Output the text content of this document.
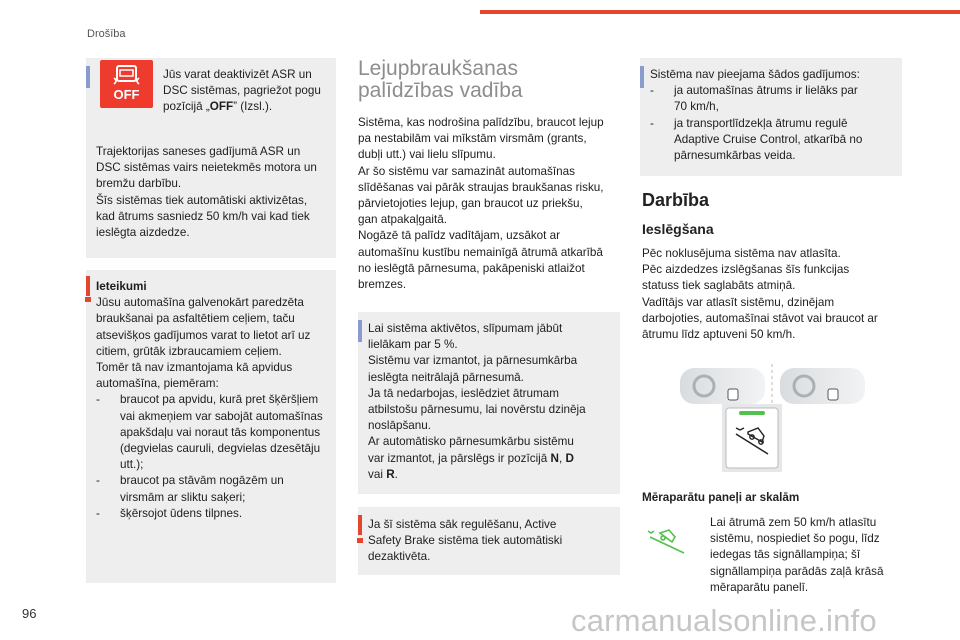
Drošība
OFF

Jūs varat deaktivizēt ASR un

DSC sistēmas, pagriežot pogu

pozīcijā „OFF” (Izsl.).

Trajektorijas saneses gadījumā ASR un

DSC sistēmas vairs neietekmēs motora un

bremžu darbību.

Šīs sistēmas tiek automātiski aktivizētas,

kad ātrums sasniedz 50 km/h vai kad tiek

ieslēgta aizdedze.

Ieteikumi

Jūsu automašīna galvenokārt paredzēta

braukšanai pa asfaltētiem ceļiem, taču

atsevišķos gadījumos varat to lietot arī uz

citiem, grūtāk izbraucamiem ceļiem.

Tomēr tā nav izmantojama kā apvidus

automašīna, piemēram:

-	braucot pa apvidu, kurā pret šķēršļiem

vai akmeņiem var sabojāt automašīnas

apakšdaļu vai noraut tās komponentus

(degvielas cauruli, degvielas dzesētāju

utt.);

-	braucot pa stāvām nogāzēm un

virsmām ar sliktu saķeri;

-	šķērsojot ūdens tilpnes.

Lejupbraukšanas

palīdzības vadība

Sistēma, kas nodrošina palīdzību, braucot lejup

pa nestabilām vai mīkstām virsmām (grants,

dubļi utt.) vai lielu slīpumu.

Ar šo sistēmu var samazināt automašīnas

slīdēšanas vai pārāk straujas braukšanas risku,

pārvietojoties lejup, gan braucot uz priekšu,

gan atpakaļgaitā.

Nogāzē tā palīdz vadītājam, uzsākot ar

automašīnu kustību nemainīgā ātrumā atkarībā

no ieslēgtā pārnesuma, pakāpeniski atlaižot

bremzes.

Lai sistēma aktivētos, slīpumam jābūt

lielākam par 5 %.

Sistēmu var izmantot, ja pārnesumkārba

ieslēgta neitrālajā pārnesumā.

Ja tā nedarbojas, ieslēdziet ātrumam

atbilstošu pārnesumu, lai novērstu dzinēja

noslāpšanu.

Ar automātisko pārnesumkārbu sistēmu

var izmantot, ja pārslēgs ir pozīcijā N, D

vai R.

Ja šī sistēma sāk regulēšanu, Active

Safety Brake sistēma tiek automātiski

dezaktivēta.

Sistēma nav pieejama šādos gadījumos:

-	ja automašīnas ātrums ir lielāks par

70 km/h,

-	ja transportlīdzekļa ātrumu regulē

Adaptive Cruise Control, atkarībā no

pārnesumkārbas veida.

Darbība

Ieslēgšana

Pēc noklusējuma sistēma nav atlasīta.

Pēc aizdedzes izslēgšanas šīs funkcijas

statuss tiek saglabāts atmiņā.

Vadītājs var atlasīt sistēmu, dzinējam

darbojoties, automašīnai stāvot vai braucot ar

ātrumu līdz aptuveni 50 km/h.

Mēraparātu paneļi ar skalām

Lai ātrumā zem 50 km/h atlasītu

sistēmu, nospiediet šo pogu, līdz

iedegas tās signāllampiņa; šī

signāllampiņa parādās zaļā krāsā

mēraparātu panelī.

96	carmanualsonline.info
